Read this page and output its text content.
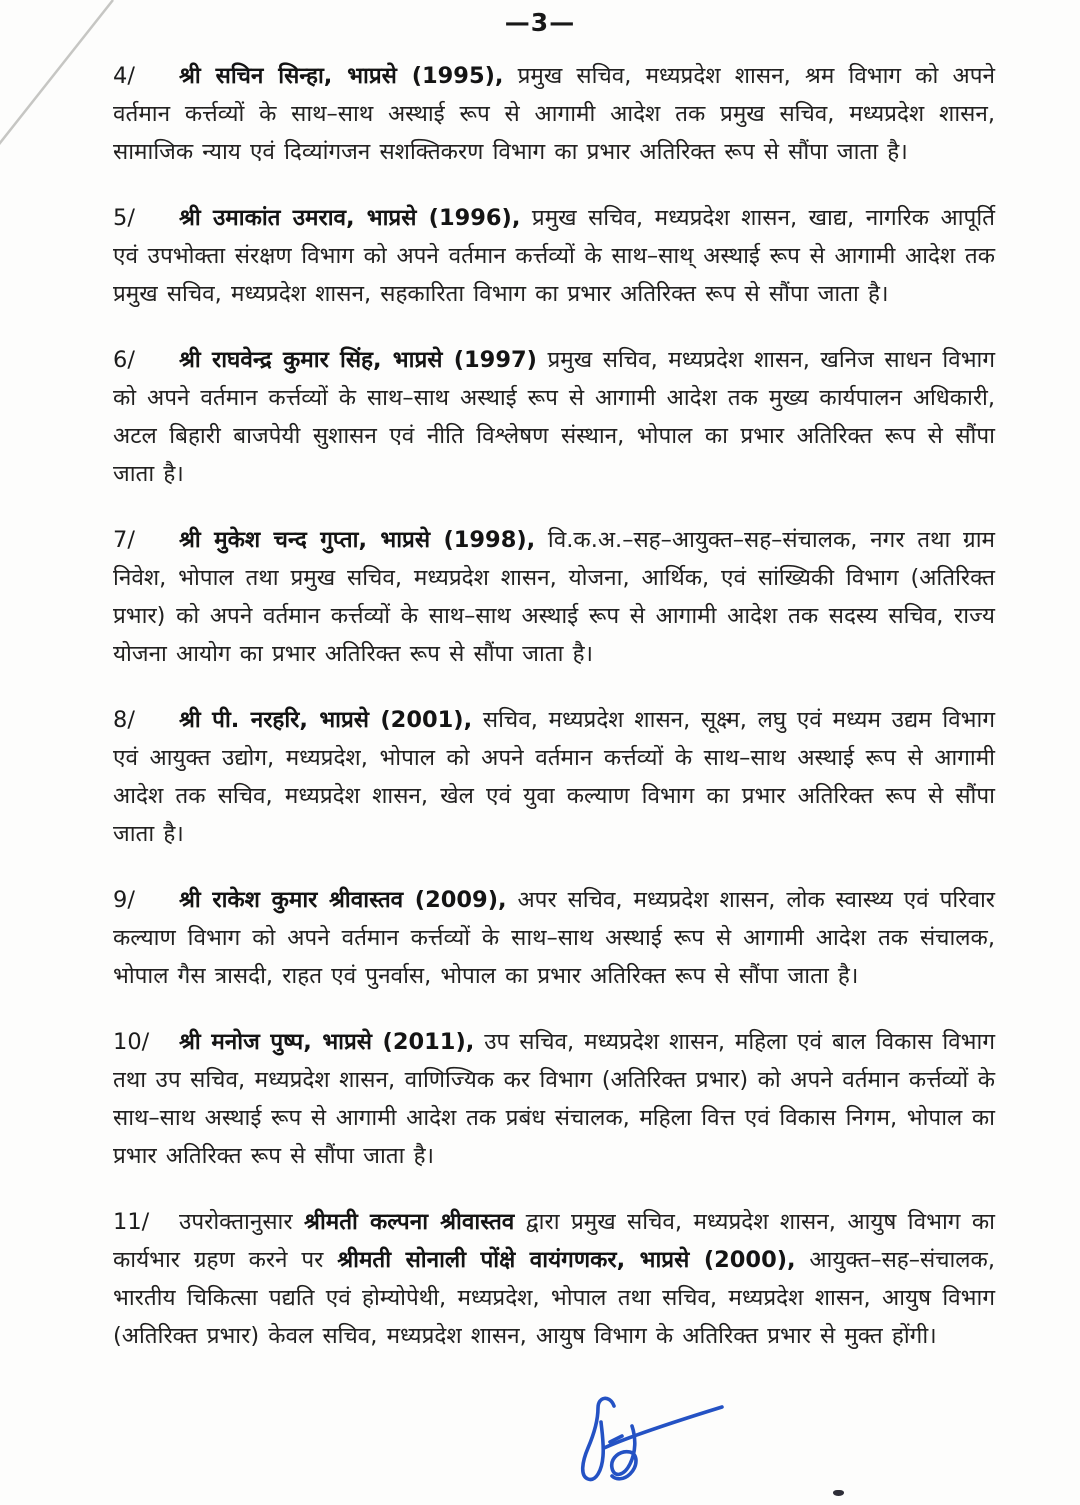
—3—
4/ श्री सचिन सिन्हा, भाप्रसे (1995), प्रमुख सचिव, मध्यप्रदेश शासन, श्रम विभाग को अपने वर्तमान कर्त्तव्यों के साथ–साथ अस्थाई रूप से आगामी आदेश तक प्रमुख सचिव, मध्यप्रदेश शासन, सामाजिक न्याय एवं दिव्यांगजन सशक्तिकरण विभाग का प्रभार अतिरिक्त रूप से सौंपा जाता है।
5/ श्री उमाकांत उमराव, भाप्रसे (1996), प्रमुख सचिव, मध्यप्रदेश शासन, खाद्य, नागरिक आपूर्ति एवं उपभोक्ता संरक्षण विभाग को अपने वर्तमान कर्त्तव्यों के साथ–साथ् अस्थाई रूप से आगामी आदेश तक प्रमुख सचिव, मध्यप्रदेश शासन, सहकारिता विभाग का प्रभार अतिरिक्त रूप से सौंपा जाता है।
6/ श्री राघवेन्द्र कुमार सिंह, भाप्रसे (1997) प्रमुख सचिव, मध्यप्रदेश शासन, खनिज साधन विभाग को अपने वर्तमान कर्त्तव्यों के साथ–साथ अस्थाई रूप से आगामी आदेश तक मुख्य कार्यपालन अधिकारी, अटल बिहारी बाजपेयी सुशासन एवं नीति विश्लेषण संस्थान, भोपाल का प्रभार अतिरिक्त रूप से सौंपा जाता है।
7/ श्री मुकेश चन्द गुप्ता, भाप्रसे (1998), वि.क.अ.–सह–आयुक्त–सह–संचालक, नगर तथा ग्राम निवेश, भोपाल तथा प्रमुख सचिव, मध्यप्रदेश शासन, योजना, आर्थिक, एवं सांख्यिकी विभाग (अतिरिक्त प्रभार) को अपने वर्तमान कर्त्तव्यों के साथ–साथ अस्थाई रूप से आगामी आदेश तक सदस्य सचिव, राज्य योजना आयोग का प्रभार अतिरिक्त रूप से सौंपा जाता है।
8/ श्री पी. नरहरि, भाप्रसे (2001), सचिव, मध्यप्रदेश शासन, सूक्ष्म, लघु एवं मध्यम उद्यम विभाग एवं आयुक्त उद्योग, मध्यप्रदेश, भोपाल को अपने वर्तमान कर्त्तव्यों के साथ–साथ अस्थाई रूप से आगामी आदेश तक सचिव, मध्यप्रदेश शासन, खेल एवं युवा कल्याण विभाग का प्रभार अतिरिक्त रूप से सौंपा जाता है।
9/ श्री राकेश कुमार श्रीवास्तव (2009), अपर सचिव, मध्यप्रदेश शासन, लोक स्वास्थ्य एवं परिवार कल्याण विभाग को अपने वर्तमान कर्त्तव्यों के साथ–साथ अस्थाई रूप से आगामी आदेश तक संचालक, भोपाल गैस त्रासदी, राहत एवं पुनर्वास, भोपाल का प्रभार अतिरिक्त रूप से सौंपा जाता है।
10/ श्री मनोज पुष्प, भाप्रसे (2011), उप सचिव, मध्यप्रदेश शासन, महिला एवं बाल विकास विभाग तथा उप सचिव, मध्यप्रदेश शासन, वाणिज्यिक कर विभाग (अतिरिक्त प्रभार) को अपने वर्तमान कर्त्तव्यों के साथ–साथ अस्थाई रूप से आगामी आदेश तक प्रबंध संचालक, महिला वित्त एवं विकास निगम, भोपाल का प्रभार अतिरिक्त रूप से सौंपा जाता है।
11/ उपरोक्तानुसार श्रीमती कल्पना श्रीवास्तव द्वारा प्रमुख सचिव, मध्यप्रदेश शासन, आयुष विभाग का कार्यभार ग्रहण करने पर श्रीमती सोनाली पोंक्षे वायंगणकर, भाप्रसे (2000), आयुक्त–सह–संचालक, भारतीय चिकित्सा पद्यति एवं होम्योपेथी, मध्यप्रदेश, भोपाल तथा सचिव, मध्यप्रदेश शासन, आयुष विभाग (अतिरिक्त प्रभार) केवल सचिव, मध्यप्रदेश शासन, आयुष विभाग के अतिरिक्त प्रभार से मुक्त होंगी।
